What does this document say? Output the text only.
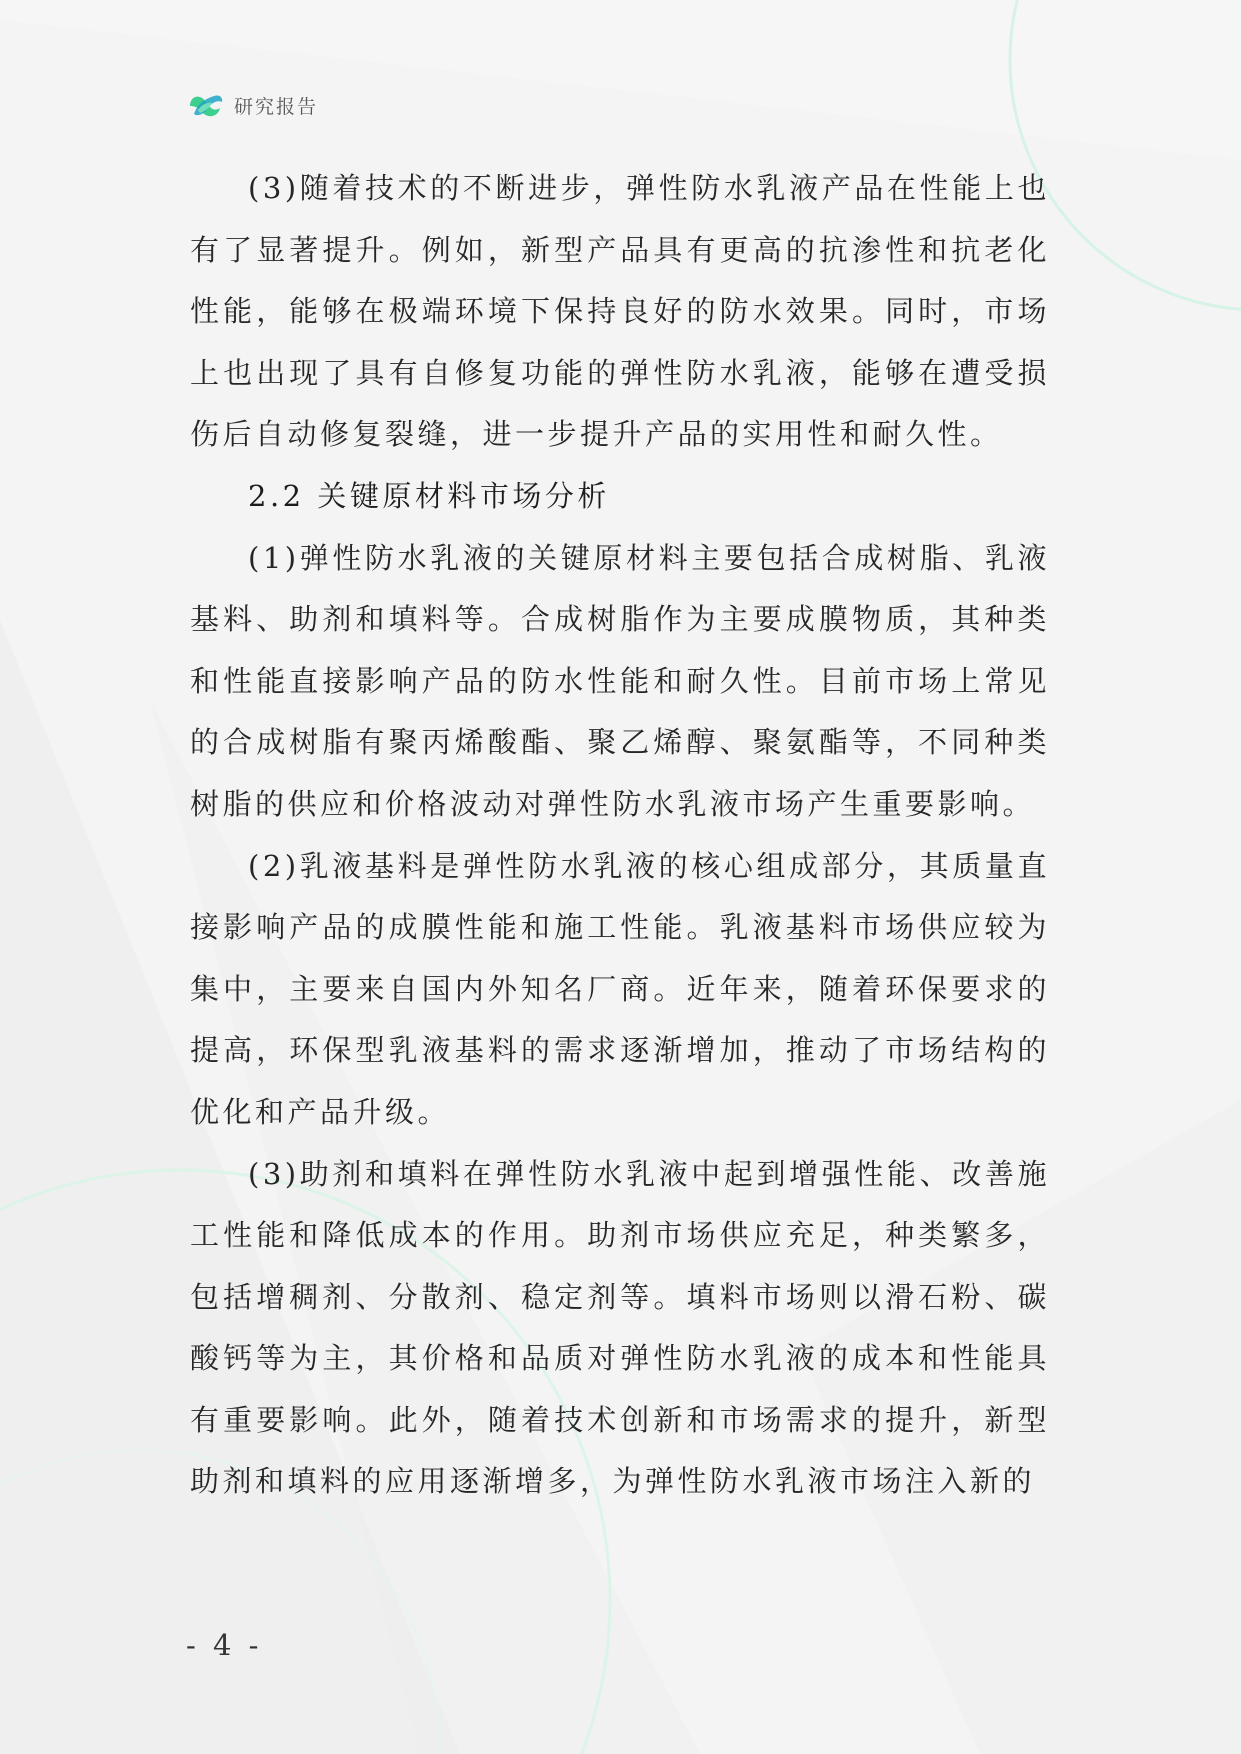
研究报告

(3)随着技术的不断进步，弹性防水乳液产品在性能上也有了显著提升。例如，新型产品具有更高的抗渗性和抗老化性能，能够在极端环境下保持良好的防水效果。同时，市场上也出现了具有自修复功能的弹性防水乳液，能够在遭受损伤后自动修复裂缝，进一步提升产品的实用性和耐久性。

2.2 关键原材料市场分析

(1)弹性防水乳液的关键原材料主要包括合成树脂、乳液基料、助剂和填料等。合成树脂作为主要成膜物质，其种类和性能直接影响产品的防水性能和耐久性。目前市场上常见的合成树脂有聚丙烯酸酯、聚乙烯醇、聚氨酯等，不同种类树脂的供应和价格波动对弹性防水乳液市场产生重要影响。

(2)乳液基料是弹性防水乳液的核心组成部分，其质量直接影响产品的成膜性能和施工性能。乳液基料市场供应较为集中，主要来自国内外知名厂商。近年来，随着环保要求的提高，环保型乳液基料的需求逐渐增加，推动了市场结构的优化和产品升级。

(3)助剂和填料在弹性防水乳液中起到增强性能、改善施工性能和降低成本的作用。助剂市场供应充足，种类繁多，包括增稠剂、分散剂、稳定剂等。填料市场则以滑石粉、碳酸钙等为主，其价格和品质对弹性防水乳液的成本和性能具有重要影响。此外，随着技术创新和市场需求的提升，新型助剂和填料的应用逐渐增多，为弹性防水乳液市场注入新的

- 4 -
